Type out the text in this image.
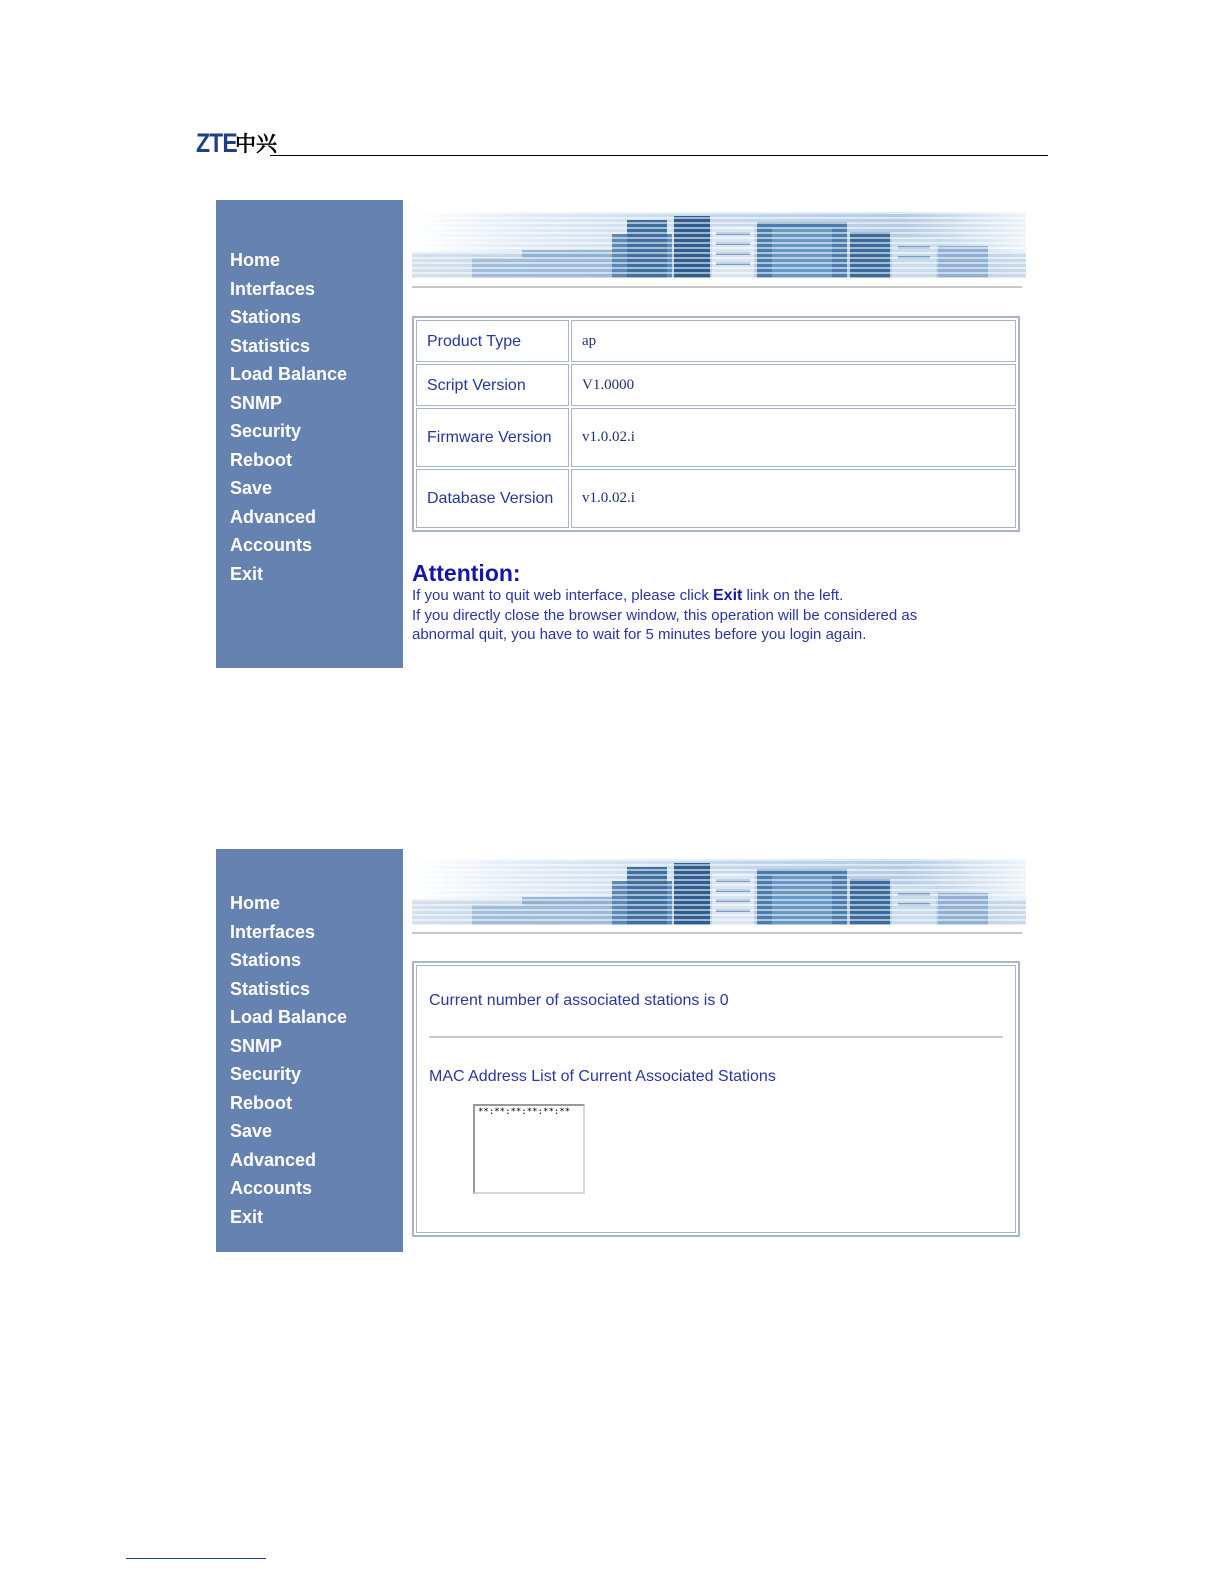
ZTE
中兴
Home
Interfaces
Stations
Statistics
Load Balance
SNMP
Security
Reboot
Save
Advanced
Accounts
Exit
Product Type	ap
Script Version	V1.0000
Firmware Version	v1.0.02.i
Database Version	v1.0.02.i
Attention:
If you want to quit web interface, please click Exit link on the left.
If you directly close the browser window, this operation will be considered as
abnormal quit, you have to wait for 5 minutes before you login again.
Home
Interfaces
Stations
Statistics
Load Balance
SNMP
Security
Reboot
Save
Advanced
Accounts
Exit
Current number of associated stations is 0
MAC Address List of Current Associated Stations
**:**:**:**:**:**
